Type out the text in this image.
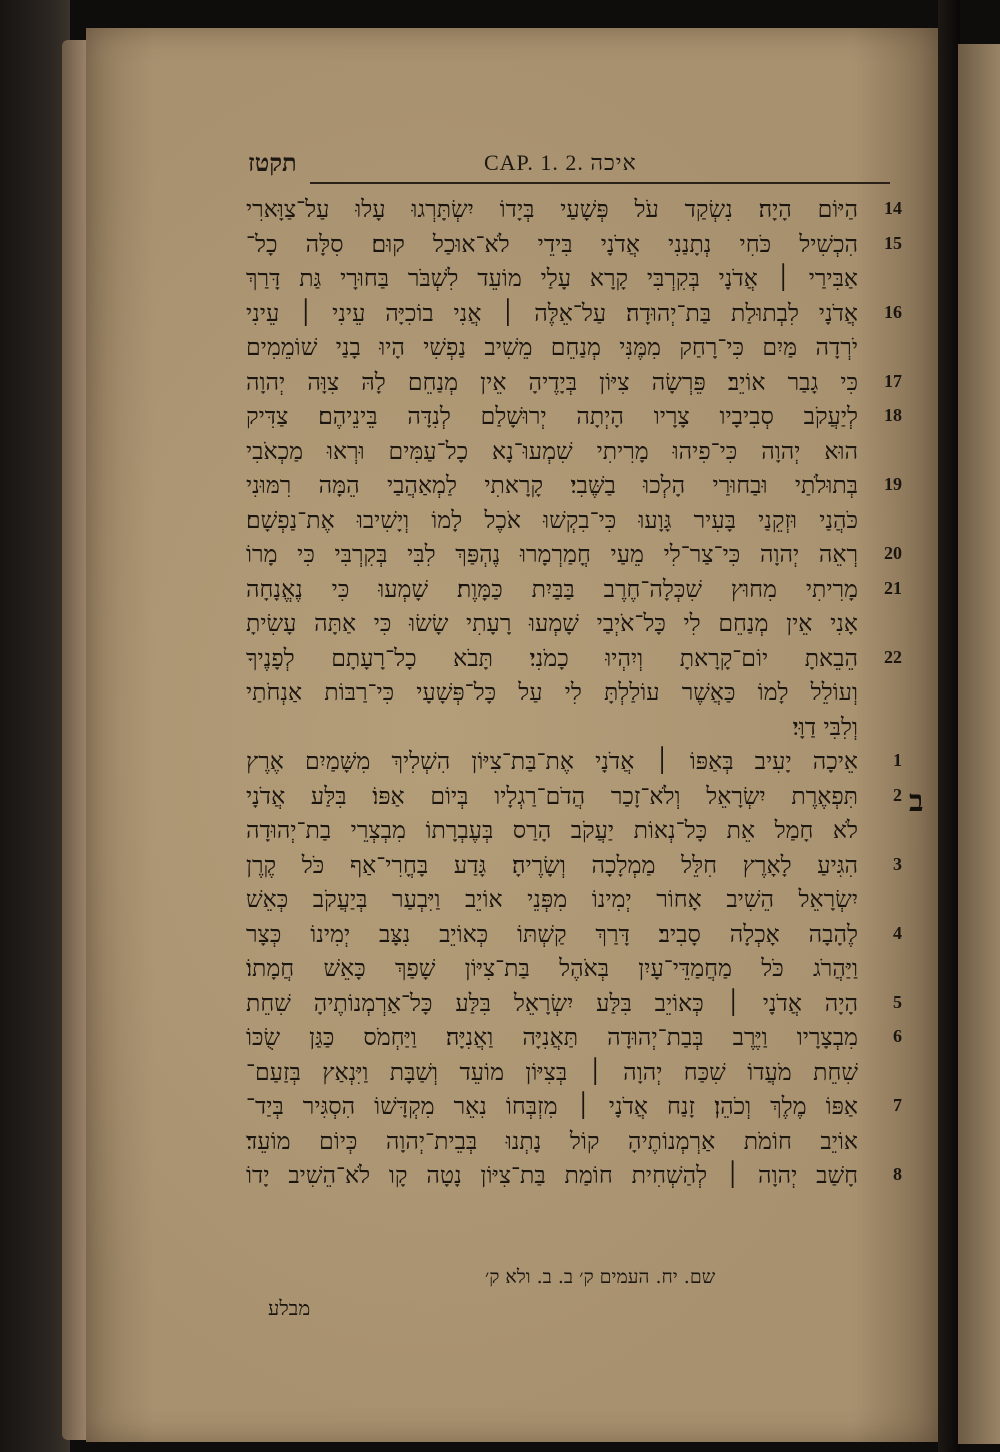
תקטז	CAP. 1. 2. איכה
הַיּוֹם הָיָה׃ נִשְׂקַד עֹל פְּשָׁעַי בְּיָדוֹ יִשְׂתָּרְגוּ עָלוּ עַל־צַוָּארִי
הִכְשִׁיל כֹּחִי נְתָנַנִי אֲדֹנָי בִּידֵי לֹא־אוּכַל קוּם׃ סִלָּה כָל־
אַבִּירַי ׀ אֲדֹנָי בְּקִרְבִּי קָרָא עָלַי מוֹעֵד לִשְׁבֹּר בַּחוּרָי גַּת דָּרַךְ
אֲדֹנָי לִבְתוּלַת בַּת־יְהוּדָה׃ עַל־אֵלֶּה ׀ אֲנִי בוֹכִיָּה עֵינִי ׀ עֵינִי
יֹרְדָה מַּיִם כִּי־רָחַק מִמֶּנִּי מְנַחֵם מֵשִׁיב נַפְשִׁי הָיוּ בָנַי שׁוֹמֵמִים
כִּי גָבַר אוֹיֵב׃ פֵּרְשָׂה צִיּוֹן בְּיָדֶיהָ אֵין מְנַחֵם לָהּ צִוָּה יְהוָה
לְיַעֲקֹב סְבִיבָיו צָרָיו הָיְתָה יְרוּשָׁלַם לְנִדָּה בֵּינֵיהֶם׃ צַדִּיק
הוּא יְהוָה כִּי־פִיהוּ מָרִיתִי שִׁמְעוּ־נָא כָל־עַמִּים וּרְאוּ מַכְאֹבִי
בְּתוּלֹתַי וּבַחוּרַי הָלְכוּ בַשֶּׁבִי׃ קָרָאתִי לַמְאַהֲבַי הֵמָּה רִמּוּנִי
כֹּהֲנַי וּזְקֵנַי בָּעִיר גָּוָעוּ כִּי־בִקְשׁוּ אֹכֶל לָמוֹ וְיָשִׁיבוּ אֶת־נַפְשָׁם׃
רְאֵה יְהוָה כִּי־צַר־לִי מֵעַי חֳמַרְמָרוּ נֶהְפַּךְ לִבִּי בְּקִרְבִּי כִּי מָרוֹ
מָרִיתִי מִחוּץ שִׁכְּלָה־חֶרֶב בַּבַּיִת כַּמָּוֶת׃ שָׁמְעוּ כִּי נֶאֱנָחָה
אָנִי אֵין מְנַחֵם לִי כָּל־אֹיְבַי שָׁמְעוּ רָעָתִי שָׂשׂוּ כִּי אַתָּה עָשִׂיתָ
הֵבֵאתָ יוֹם־קָרָאתָ וְיִהְיוּ כָמֹנִי׃ תָּבֹא כָל־רָעָתָם לְפָנֶיךָ
וְעוֹלֵל לָמוֹ כַּאֲשֶׁר עוֹלַלְתָּ לִי עַל כָּל־פְּשָׁעָי כִּי־רַבּוֹת אַנְחֹתַי
וְלִבִּי דַוָּי׃
אֵיכָה יָעִיב בְּאַפּוֹ ׀ אֲדֹנָי אֶת־בַּת־צִיּוֹן הִשְׁלִיךְ מִשָּׁמַיִם אֶרֶץ
תִּפְאֶרֶת יִשְׂרָאֵל וְלֹא־זָכַר הֲדֹם־רַגְלָיו בְּיוֹם אַפּוֹ׃ בִּלַּע אֲדֹנָי
לֹא חָמַל אֵת כָּל־נְאוֹת יַעֲקֹב הָרַס בְּעֶבְרָתוֹ מִבְצְרֵי בַת־יְהוּדָה
הִגִּיעַ לָאָרֶץ חִלֵּל מַמְלָכָה וְשָׂרֶיהָ׃ גָּדַע בָּחֳרִי־אַף כֹּל קֶרֶן
יִשְׂרָאֵל הֵשִׁיב אָחוֹר יְמִינוֹ מִפְּנֵי אוֹיֵב וַיִּבְעַר בְּיַעֲקֹב כְּאֵשׁ
לֶהָבָה אָכְלָה סָבִיב׃ דָּרַךְ קַשְׁתּוֹ כְּאוֹיֵב נִצָּב יְמִינוֹ כְּצָר
וַיַּהֲרֹג כֹּל מַחֲמַדֵּי־עָיִן בְּאֹהֶל בַּת־צִיּוֹן שָׁפַךְ כָּאֵשׁ חֲמָתוֹ׃
הָיָה אֲדֹנָי ׀ כְּאוֹיֵב בִּלַּע יִשְׂרָאֵל בִּלַּע כָּל־אַרְמְנוֹתֶיהָ שִׁחֵת
מִבְצָרָיו וַיֶּרֶב בְּבַת־יְהוּדָה תַּאֲנִיָּה וַאֲנִיָּה׃ וַיַּחְמֹס כַּגַּן שֻׂכּוֹ
שִׁחֵת מֹעֲדוֹ שִׁכַּח יְהוָה ׀ בְּצִיּוֹן מוֹעֵד וְשַׁבָּת וַיִּנְאַץ בְּזַעַם־
אַפּוֹ מֶלֶךְ וְכֹהֵן׃ זָנַח אֲדֹנָי ׀ מִזְבְּחוֹ נִאֵר מִקְדָּשׁוֹ הִסְגִּיר בְּיַד־
אוֹיֵב חוֹמֹת אַרְמְנוֹתֶיהָ קוֹל נָתְנוּ בְּבֵית־יְהוָה כְּיוֹם מוֹעֵד׃
חָשַׁב יְהוָה ׀ לְהַשְׁחִית חוֹמַת בַּת־צִיּוֹן נָטָה קָו לֹא־הֵשִׁיב יָדוֹ
14
15
16
17
18
19
20
21
22
1
2
3
4
5
6
7
8
ב
שם. יח. העמים ק׳ ב. ב. ולא ק׳
מבלע
